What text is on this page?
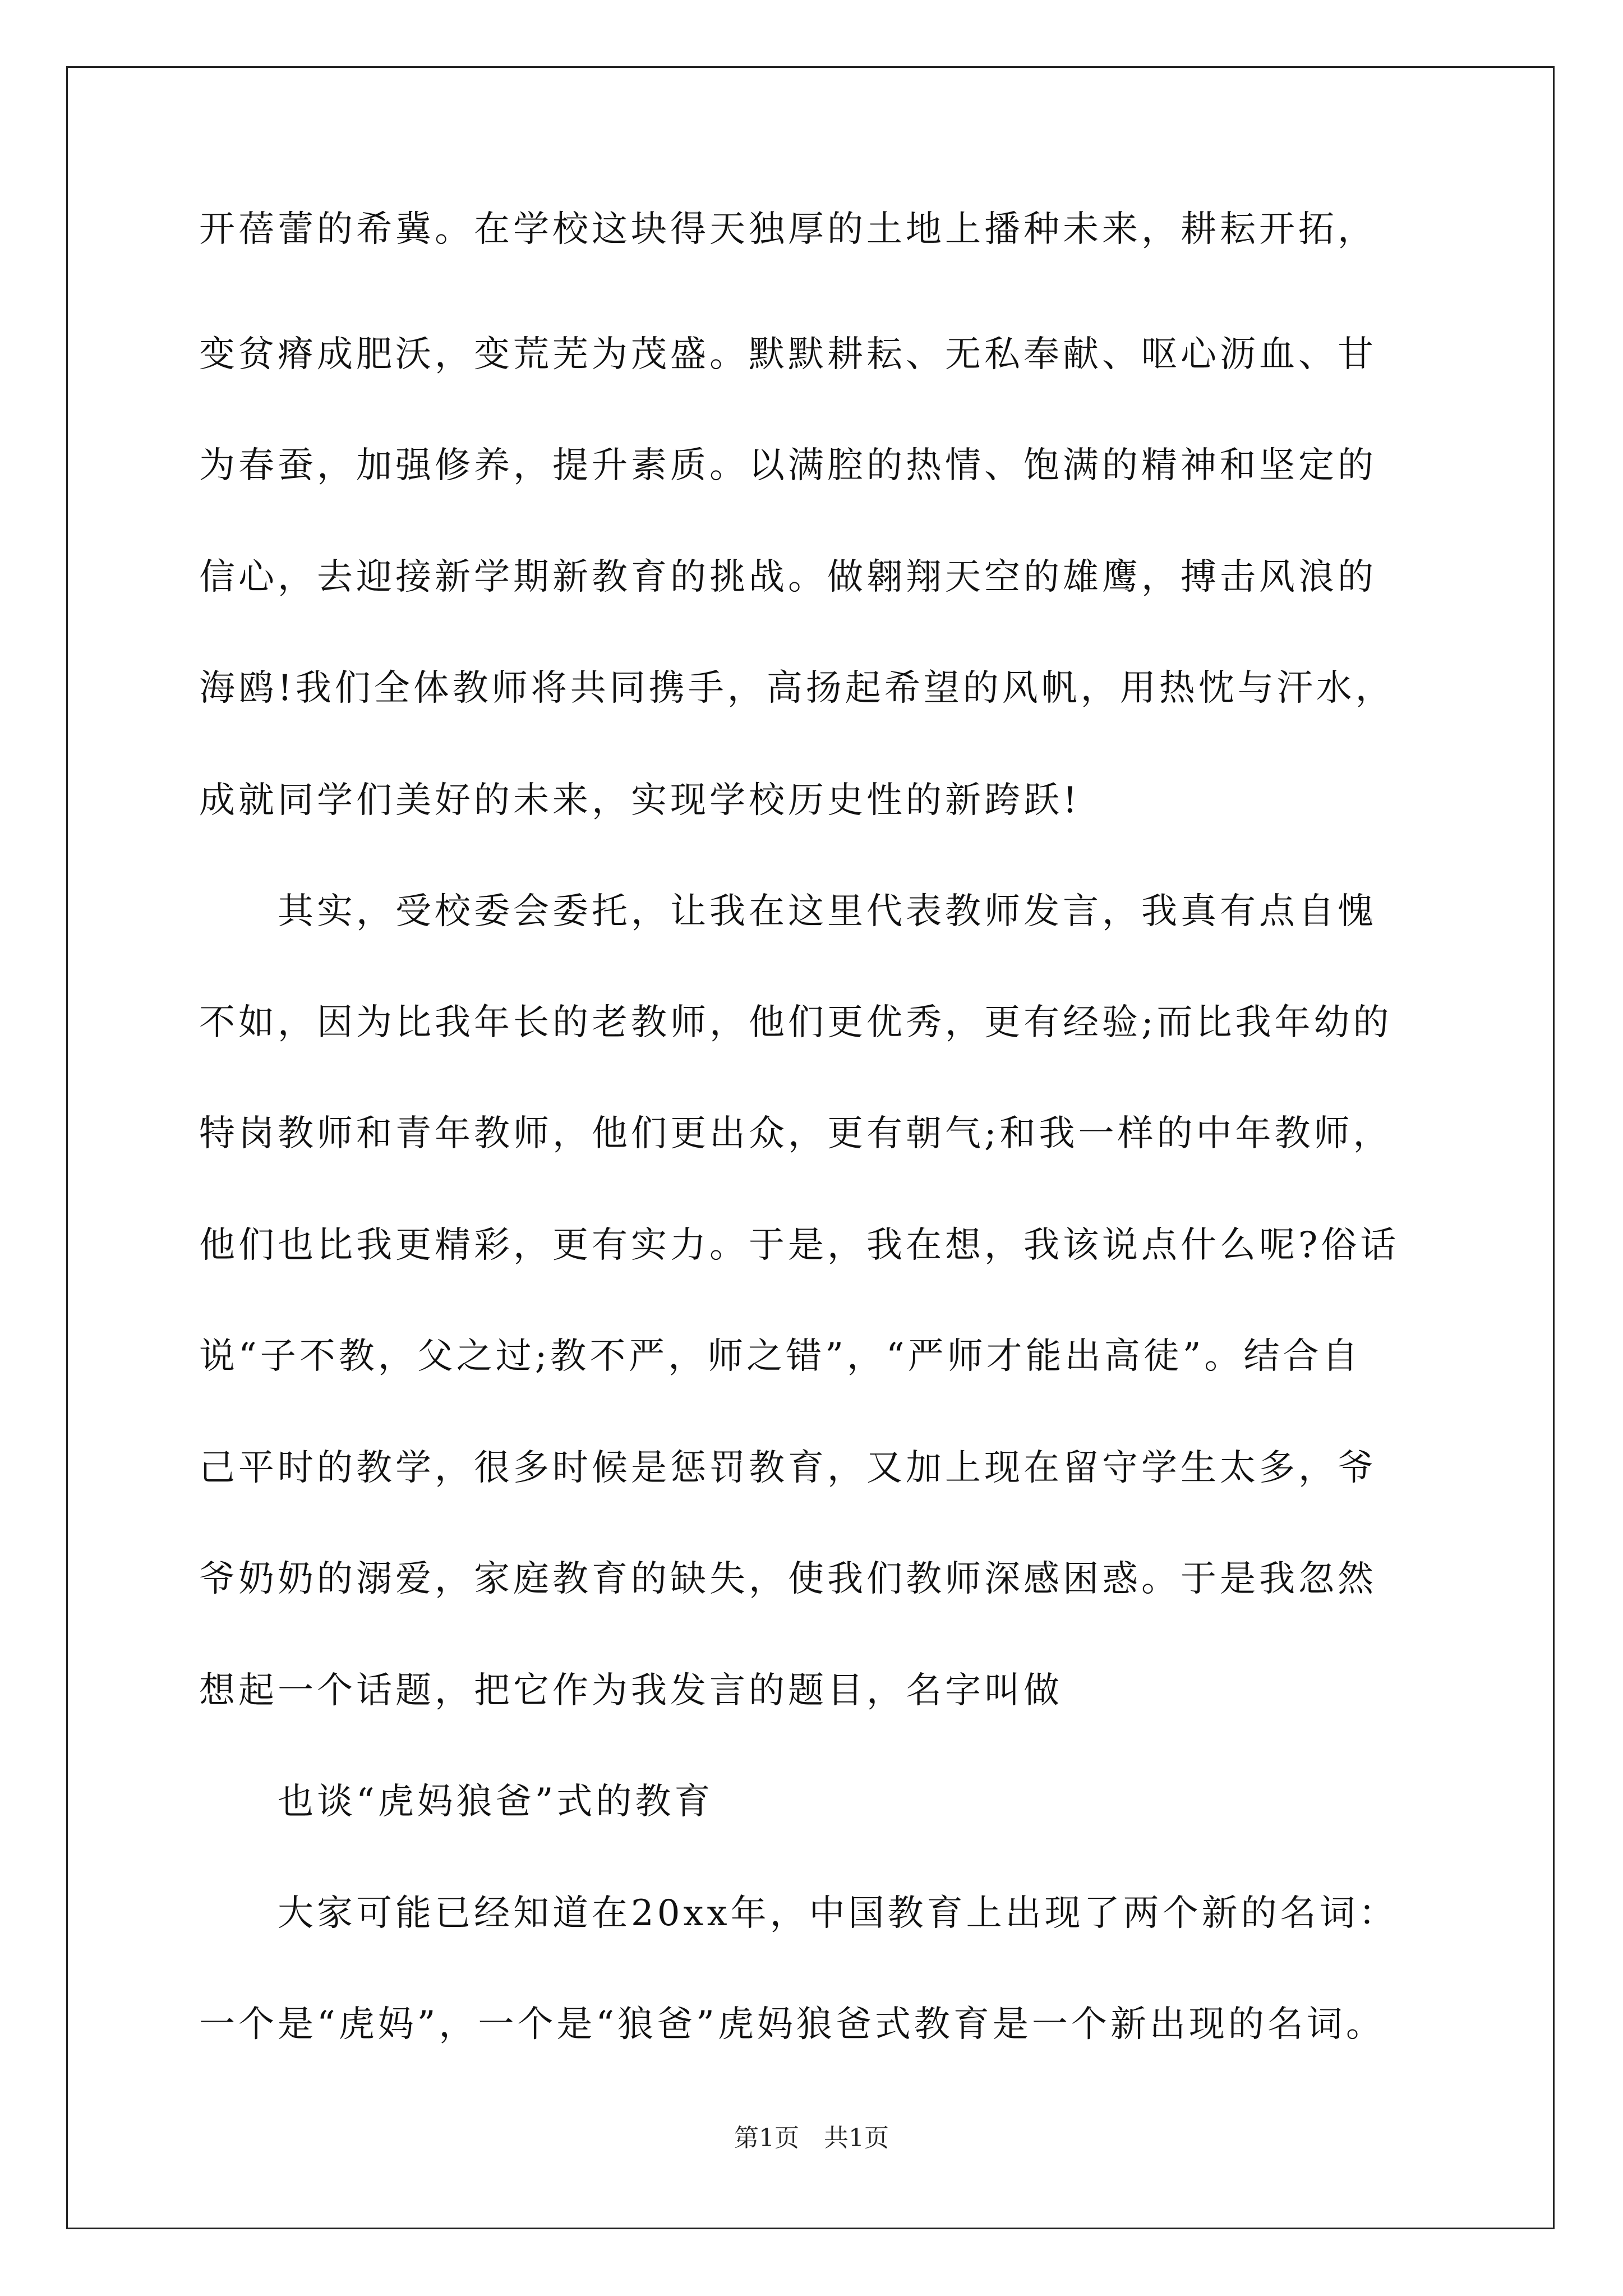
开蓓蕾的希冀。在学校这块得天独厚的土地上播种未来，耕耘开拓，
变贫瘠成肥沃，变荒芜为茂盛。默默耕耘、无私奉献、呕心沥血、甘
为春蚕，加强修养，提升素质。以满腔的热情、饱满的精神和坚定的
信心，去迎接新学期新教育的挑战。做翱翔天空的雄鹰，搏击风浪的
海鸥!我们全体教师将共同携手，高扬起希望的风帆，用热忱与汗水，
成就同学们美好的未来，实现学校历史性的新跨跃!
　　其实，受校委会委托，让我在这里代表教师发言，我真有点自愧
不如，因为比我年长的老教师，他们更优秀，更有经验;而比我年幼的
特岗教师和青年教师，他们更出众，更有朝气;和我一样的中年教师，
他们也比我更精彩，更有实力。于是，我在想，我该说点什么呢?俗话
说“子不教，父之过;教不严，师之错”，“严师才能出高徒”。结合自
己平时的教学，很多时候是惩罚教育，又加上现在留守学生太多，爷
爷奶奶的溺爱，家庭教育的缺失，使我们教师深感困惑。于是我忽然
想起一个话题，把它作为我发言的题目，名字叫做
　　也谈“虎妈狼爸”式的教育
　　大家可能已经知道在20xx年，中国教育上出现了两个新的名词：
一个是“虎妈”，一个是“狼爸”虎妈狼爸式教育是一个新出现的名词。
第1页　共1页
